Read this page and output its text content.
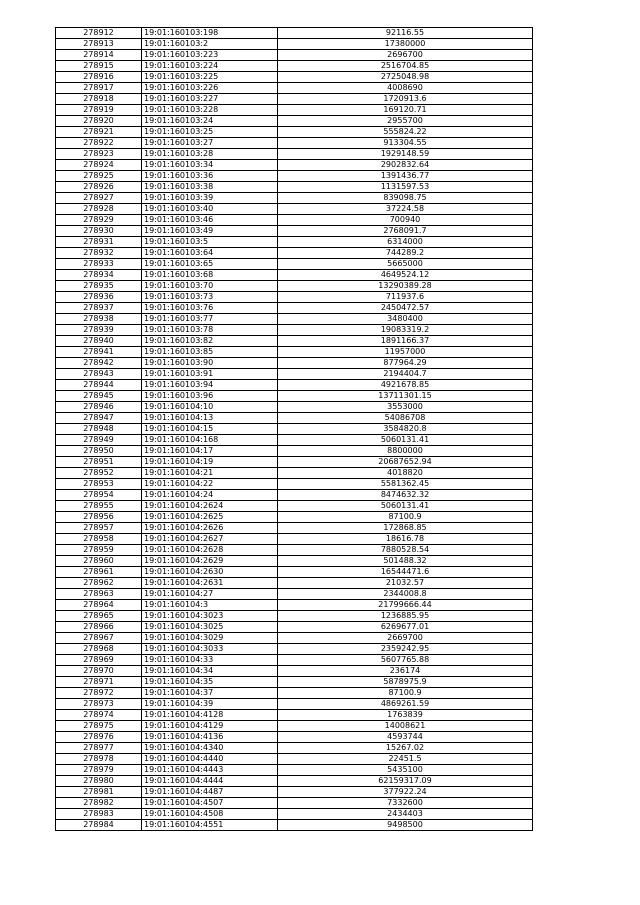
278912	19:01:160103:198	92116.55
278913	19:01:160103:2	17380000
278914	19:01:160103:223	2696700
278915	19:01:160103:224	2516704.85
278916	19:01:160103:225	2725048.98
278917	19:01:160103:226	4008690
278918	19:01:160103:227	1720913.6
278919	19:01:160103:228	169120.71
278920	19:01:160103:24	2955700
278921	19:01:160103:25	555824.22
278922	19:01:160103:27	913304.55
278923	19:01:160103:28	1929148.59
278924	19:01:160103:34	2902832.64
278925	19:01:160103:36	1391436.77
278926	19:01:160103:38	1131597.53
278927	19:01:160103:39	839098.75
278928	19:01:160103:40	37224.58
278929	19:01:160103:46	700940
278930	19:01:160103:49	2768091.7
278931	19:01:160103:5	6314000
278932	19:01:160103:64	744289.2
278933	19:01:160103:65	5665000
278934	19:01:160103:68	4649524.12
278935	19:01:160103:70	13290389.28
278936	19:01:160103:73	711937.6
278937	19:01:160103:76	2450472.57
278938	19:01:160103:77	3480400
278939	19:01:160103:78	19083319.2
278940	19:01:160103:82	1891166.37
278941	19:01:160103:85	11957000
278942	19:01:160103:90	877964.29
278943	19:01:160103:91	2194404.7
278944	19:01:160103:94	4921678.85
278945	19:01:160103:96	13711301.15
278946	19:01:160104:10	3553000
278947	19:01:160104:13	54086708
278948	19:01:160104:15	3584820.8
278949	19:01:160104:168	5060131.41
278950	19:01:160104:17	8800000
278951	19:01:160104:19	20687652.94
278952	19:01:160104:21	4018820
278953	19:01:160104:22	5581362.45
278954	19:01:160104:24	8474632.32
278955	19:01:160104:2624	5060131.41
278956	19:01:160104:2625	87100.9
278957	19:01:160104:2626	172868.85
278958	19:01:160104:2627	18616.78
278959	19:01:160104:2628	7880528.54
278960	19:01:160104:2629	501488.32
278961	19:01:160104:2630	16544471.6
278962	19:01:160104:2631	21032.57
278963	19:01:160104:27	2344008.8
278964	19:01:160104:3	21799666.44
278965	19:01:160104:3023	1236885.95
278966	19:01:160104:3025	6269677.01
278967	19:01:160104:3029	2669700
278968	19:01:160104:3033	2359242.95
278969	19:01:160104:33	5607765.88
278970	19:01:160104:34	236174
278971	19:01:160104:35	5878975.9
278972	19:01:160104:37	87100.9
278973	19:01:160104:39	4869261.59
278974	19:01:160104:4128	1763839
278975	19:01:160104:4129	14008621
278976	19:01:160104:4136	4593744
278977	19:01:160104:4340	15267.02
278978	19:01:160104:4440	22451.5
278979	19:01:160104:4443	5435100
278980	19:01:160104:4444	62159317.09
278981	19:01:160104:4487	377922.24
278982	19:01:160104:4507	7332600
278983	19:01:160104:4508	2434403
278984	19:01:160104:4551	9498500
